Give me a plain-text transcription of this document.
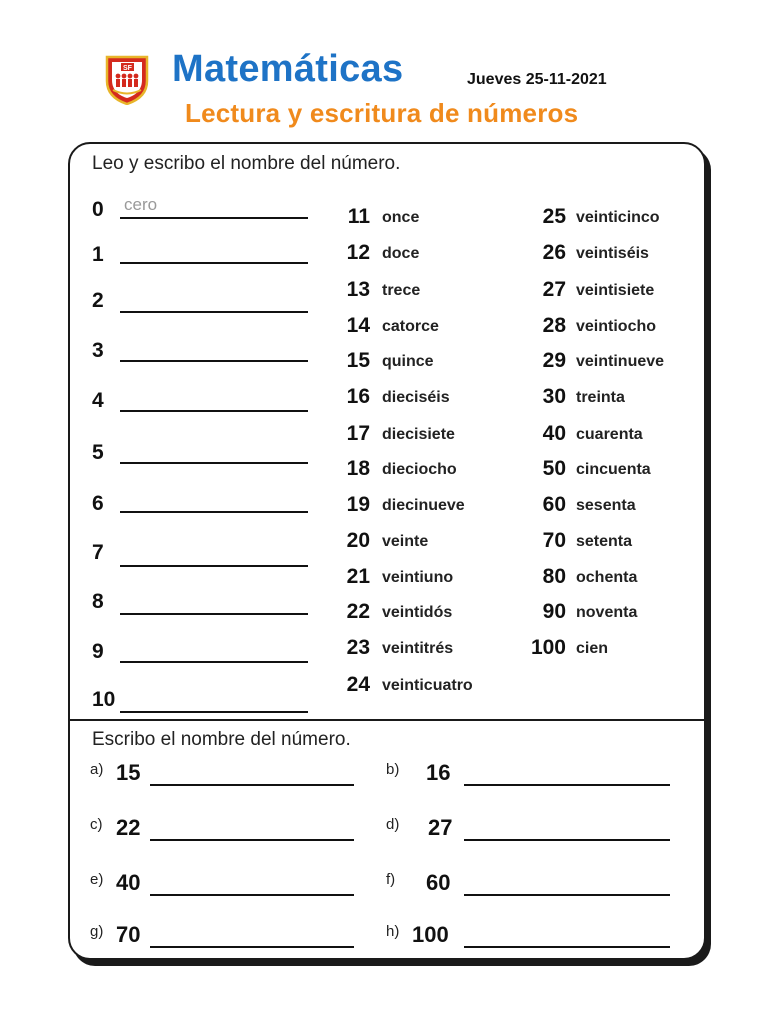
SF Matemáticas	Jueves 25-11-2021
Lectura y escritura de números
Leo y escribo el nombre del número.
0	cero
1
2
3
4
5
6
7
8
9
10
11 once
12 doce
13 trece
14 catorce
15 quince
16 dieciséis
17 diecisiete
18 dieciocho
19 diecinueve
20 veinte
21 veintiuno
22 veintidós
23 veintitrés
24 veinticuatro
25 veinticinco
26 veintiséis
27 veintisiete
28 veintiocho
29 veintinueve
30 treinta
40 cuarenta
50 cincuenta
60 sesenta
70 setenta
80 ochenta
90 noventa
100 cien
Escribo el nombre del número.
a) 15	b) 16
c) 22	d) 27
e) 40	f) 60
g) 70	h) 100
